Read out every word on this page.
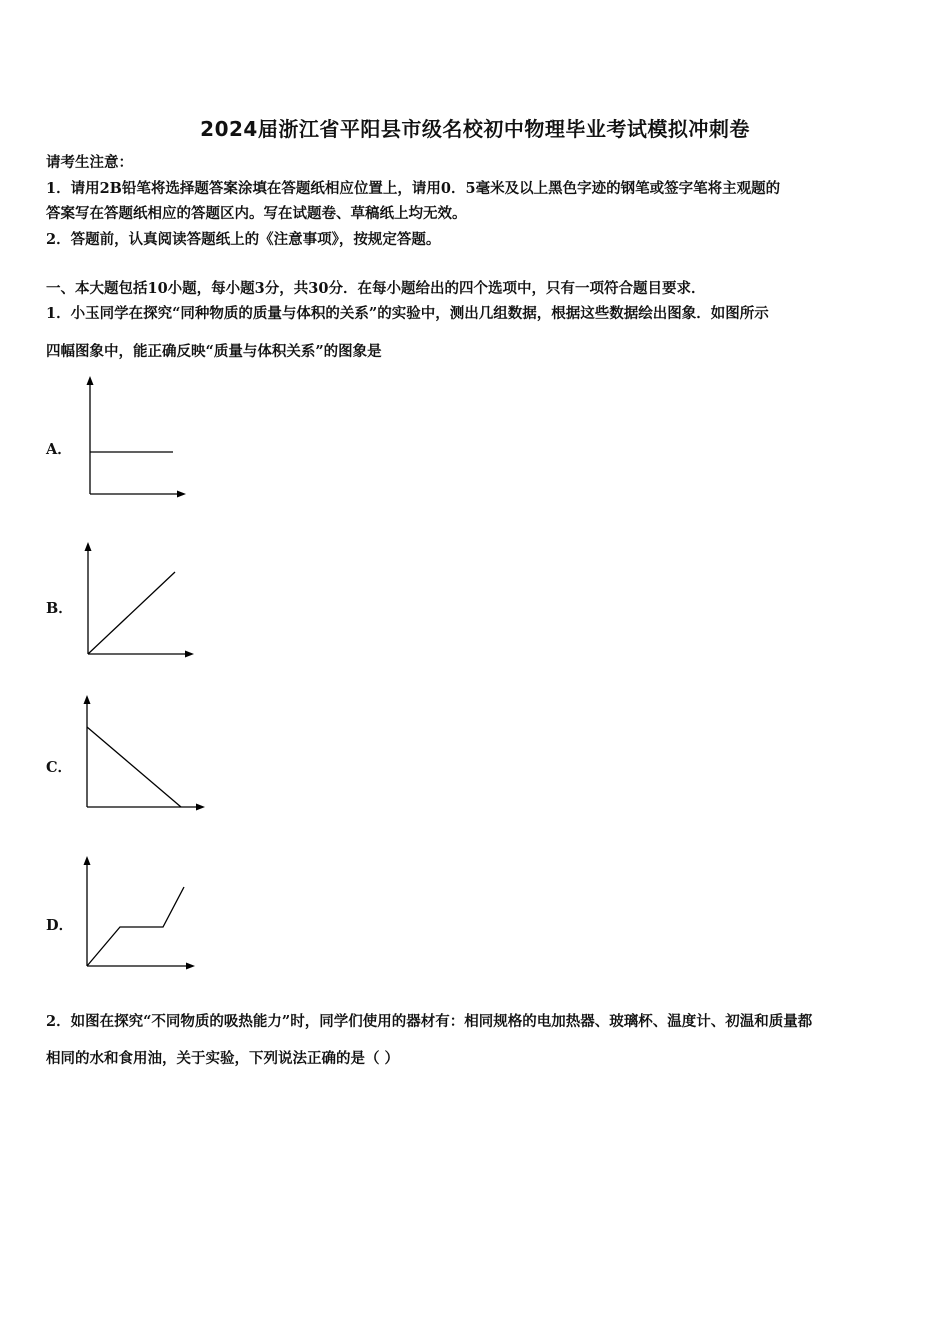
2024届浙江省平阳县市级名校初中物理毕业考试模拟冲刺卷
请考生注意：
1．请用2B铅笔将选择题答案涂填在答题纸相应位置上，请用0．5毫米及以上黑色字迹的钢笔或签字笔将主观题的
答案写在答题纸相应的答题区内。写在试题卷、草稿纸上均无效。
2．答题前，认真阅读答题纸上的《注意事项》，按规定答题。
一、本大题包括10小题，每小题3分，共30分．在每小题给出的四个选项中，只有一项符合题目要求．
1．小玉同学在探究“同种物质的质量与体积的关系”的实验中，测出几组数据，根据这些数据绘出图象．如图所示
四幅图象中，能正确反映“质量与体积关系”的图象是
A．
B．
C．
D．
2．如图在探究“不同物质的吸热能力”时，同学们使用的器材有：相同规格的电加热器、玻璃杯、温度计、初温和质量都
相同的水和食用油，关于实验，下列说法正确的是（ ）
